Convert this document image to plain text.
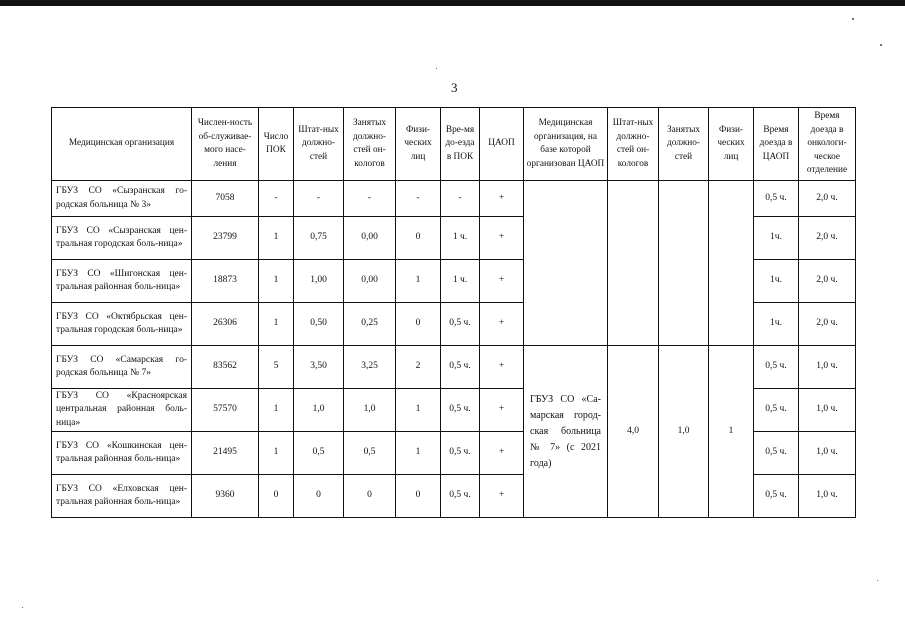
3
Медицинская организация	Числен-ность об-служивае-мого насе-ления	Число ПОК	Штат-ных должно-стей	Занятых должно-стей он-кологов	Физи-ческих лиц	Вре-мя до-езда в ПОК	ЦАОП	Медицинская организация, на базе которой организован ЦАОП	Штат-ных должно-стей он-кологов	Занятых должно-стей	Физи-ческих лиц	Время доезда в ЦАОП	Время доезда в онкологи-ческое отделение
ГБУЗ СО «Сызранская го-родская больница № 3»	7058	-	-	-	-	-	+					0,5 ч.	2,0 ч.
ГБУЗ СО «Сызранская цен-тральная городская боль-ница»	23799	1	0,75	0,00	0	1 ч.	+					1ч.	2,0 ч.
ГБУЗ СО «Шигонская цен-тральная районная боль-ница»	18873	1	1,00	0,00	1	1 ч.	+					1ч.	2,0 ч.
ГБУЗ СО «Октябрьская цен-тральная городская боль-ница»	26306	1	0,50	0,25	0	0,5 ч.	+					1ч.	2,0 ч.
ГБУЗ СО «Самарская го-родская больница № 7»	83562	5	3,50	3,25	2	0,5 ч.	+	ГБУЗ СО «Са-марская город-ская больница № 7» (с 2021 года)	4,0	1,0	1	0,5 ч.	1,0 ч.
ГБУЗ СО «Красноярская центральная районная боль-ница»	57570	1	1,0	1,0	1	0,5 ч.	+					0,5 ч.	1,0 ч.
ГБУЗ СО «Кошкинская цен-тральная районная боль-ница»	21495	1	0,5	0,5	1	0,5 ч.	+					0,5 ч.	1,0 ч.
ГБУЗ СО «Елховская цен-тральная районная боль-ница»	9360	0	0	0	0	0,5 ч.	+					0,5 ч.	1,0 ч.
